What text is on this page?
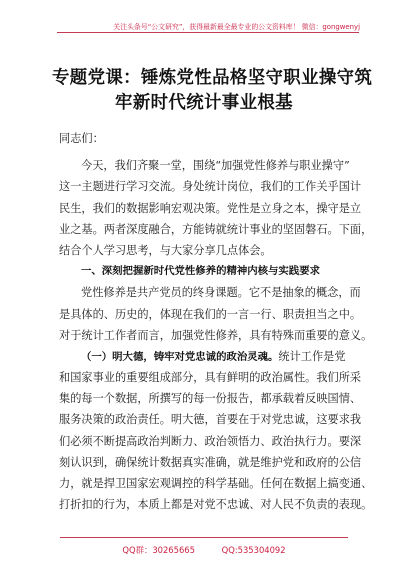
关注头条号“公文研究”，获得最新最全最专业的公文资料库！ 微信：gongwenyj
专题党课：锤炼党性品格坚守职业操守筑
牢新时代统计事业根基
同志们：
今天，我们齐聚一堂，围绕“加强党性修养与职业操守”
这一主题进行学习交流。身处统计岗位，我们的工作关乎国计
民生，我们的数据影响宏观决策。党性是立身之本，操守是立
业之基。两者深度融合，方能铸就统计事业的坚固磐石。下面，
结合个人学习思考，与大家分享几点体会。
一、深刻把握新时代党性修养的精神内核与实践要求
党性修养是共产党员的终身课题。它不是抽象的概念，而
是具体的、历史的，体现在我们的一言一行、职责担当之中。
对于统计工作者而言，加强党性修养，具有特殊而重要的意义。
（一）明大德，铸牢对党忠诚的政治灵魂。统计工作是党
和国家事业的重要组成部分，具有鲜明的政治属性。我们所采
集的每一个数据，所撰写的每一份报告，都承载着反映国情、
服务决策的政治责任。明大德，首要在于对党忠诚，这要求我
们必须不断提高政治判断力、政治领悟力、政治执行力。要深
刻认识到，确保统计数据真实准确，就是维护党和政府的公信
力，就是捍卫国家宏观调控的科学基础。任何在数据上搞变通、
打折扣的行为，本质上都是对党不忠诚、对人民不负责的表现。
QQ群：30265665	QQ:535304092
